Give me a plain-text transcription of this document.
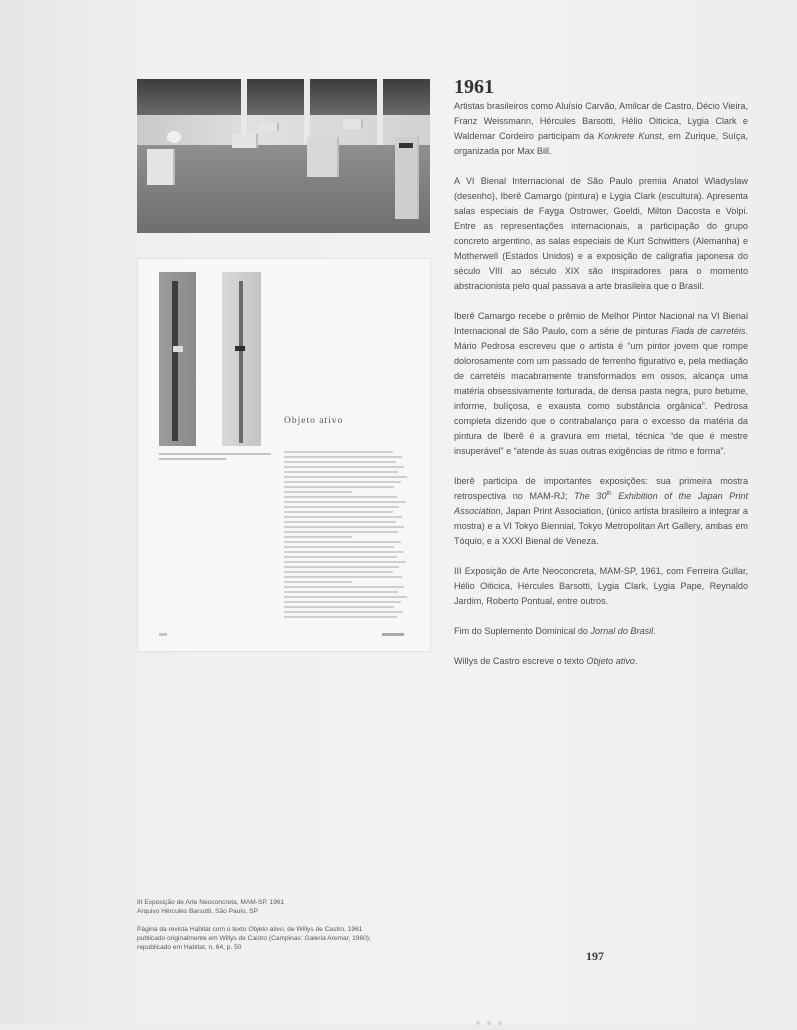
Objeto ativo
1961

Artistas brasileiros como Aluísio Carvão, Amilcar de Castro, Décio Vieira, Franz Weissmann, Hércules Barsotti, Hélio Oiticica, Lygia Clark e Waldemar Cordeiro participam da Konkrete Kunst, em Zurique, Suíça, organizada por Max Bill.

A VI Bienal Internacional de São Paulo premia Anatol Wladyslaw (desenho), Iberê Camargo (pintura) e Lygia Clark (escultura). Apresenta salas especiais de Fayga Ostrower, Goeldi, Milton Dacosta e Volpi. Entre as representações internacionais, a participação do grupo concreto argentino, as salas especiais de Kurt Schwitters (Alemanha) e Motherwell (Estados Unidos) e a exposição de caligrafia japonesa do século VIII ao século XIX são inspiradores para o momento abstracionista pelo qual passava a arte brasileira que o Brasil.

Iberê Camargo recebe o prêmio de Melhor Pintor Nacional na VI Bienal Internacional de São Paulo, com a série de pinturas Fiada de carretéis. Mário Pedrosa escreveu que o artista é “um pintor jovem que rompe dolorosamente com um passado de ferrenho figurativo e, pela mediação de carretéis macabramente transformados em ossos, alcança uma matéria obsessivamente torturada, de densa pasta negra, puro betume, informe, bulíçosa, e exausta como substância orgânica”. Pedrosa completa dizendo que o contrabalanço para o excesso da matéria da pintura de Iberê é a gravura em metal, técnica “de que é mestre insuperável” e “atende às suas outras exigências de ritmo e forma”.

Iberê participa de importantes exposições: sua primeira mostra retrospectiva no MAM-RJ; The 30th Exhibition of the Japan Print Association, Japan Print Association, (único artista brasileiro a integrar a mostra) e a VI Tokyo Biennial, Tokyo Metropolitan Art Gallery, ambas em Tóquio, e a XXXI Bienal de Veneza.

III Exposição de Arte Neoconcreta, MAM-SP, 1961, com Ferreira Gullar, Hélio Oiticica, Hércules Barsotti, Lygia Clark, Lygia Pape, Reynaldo Jardim, Roberto Pontual, entre outros.

Fim do Suplemento Dominical do Jornal do Brasil.

Willys de Castro escreve o texto Objeto ativo.

III Exposição de Arte Neoconcreta, MAM-SP, 1961
Arquivo Hércules Barsotti, São Paulo, SP

Página da revista Habitat com o texto Objeto ativo, de Willys de Castro, 1961
publicado originalmente em Willys de Castro (Campinas: Galeria Aremar, 1960);
republicado em Habitat, n. 64, p. 50

197
